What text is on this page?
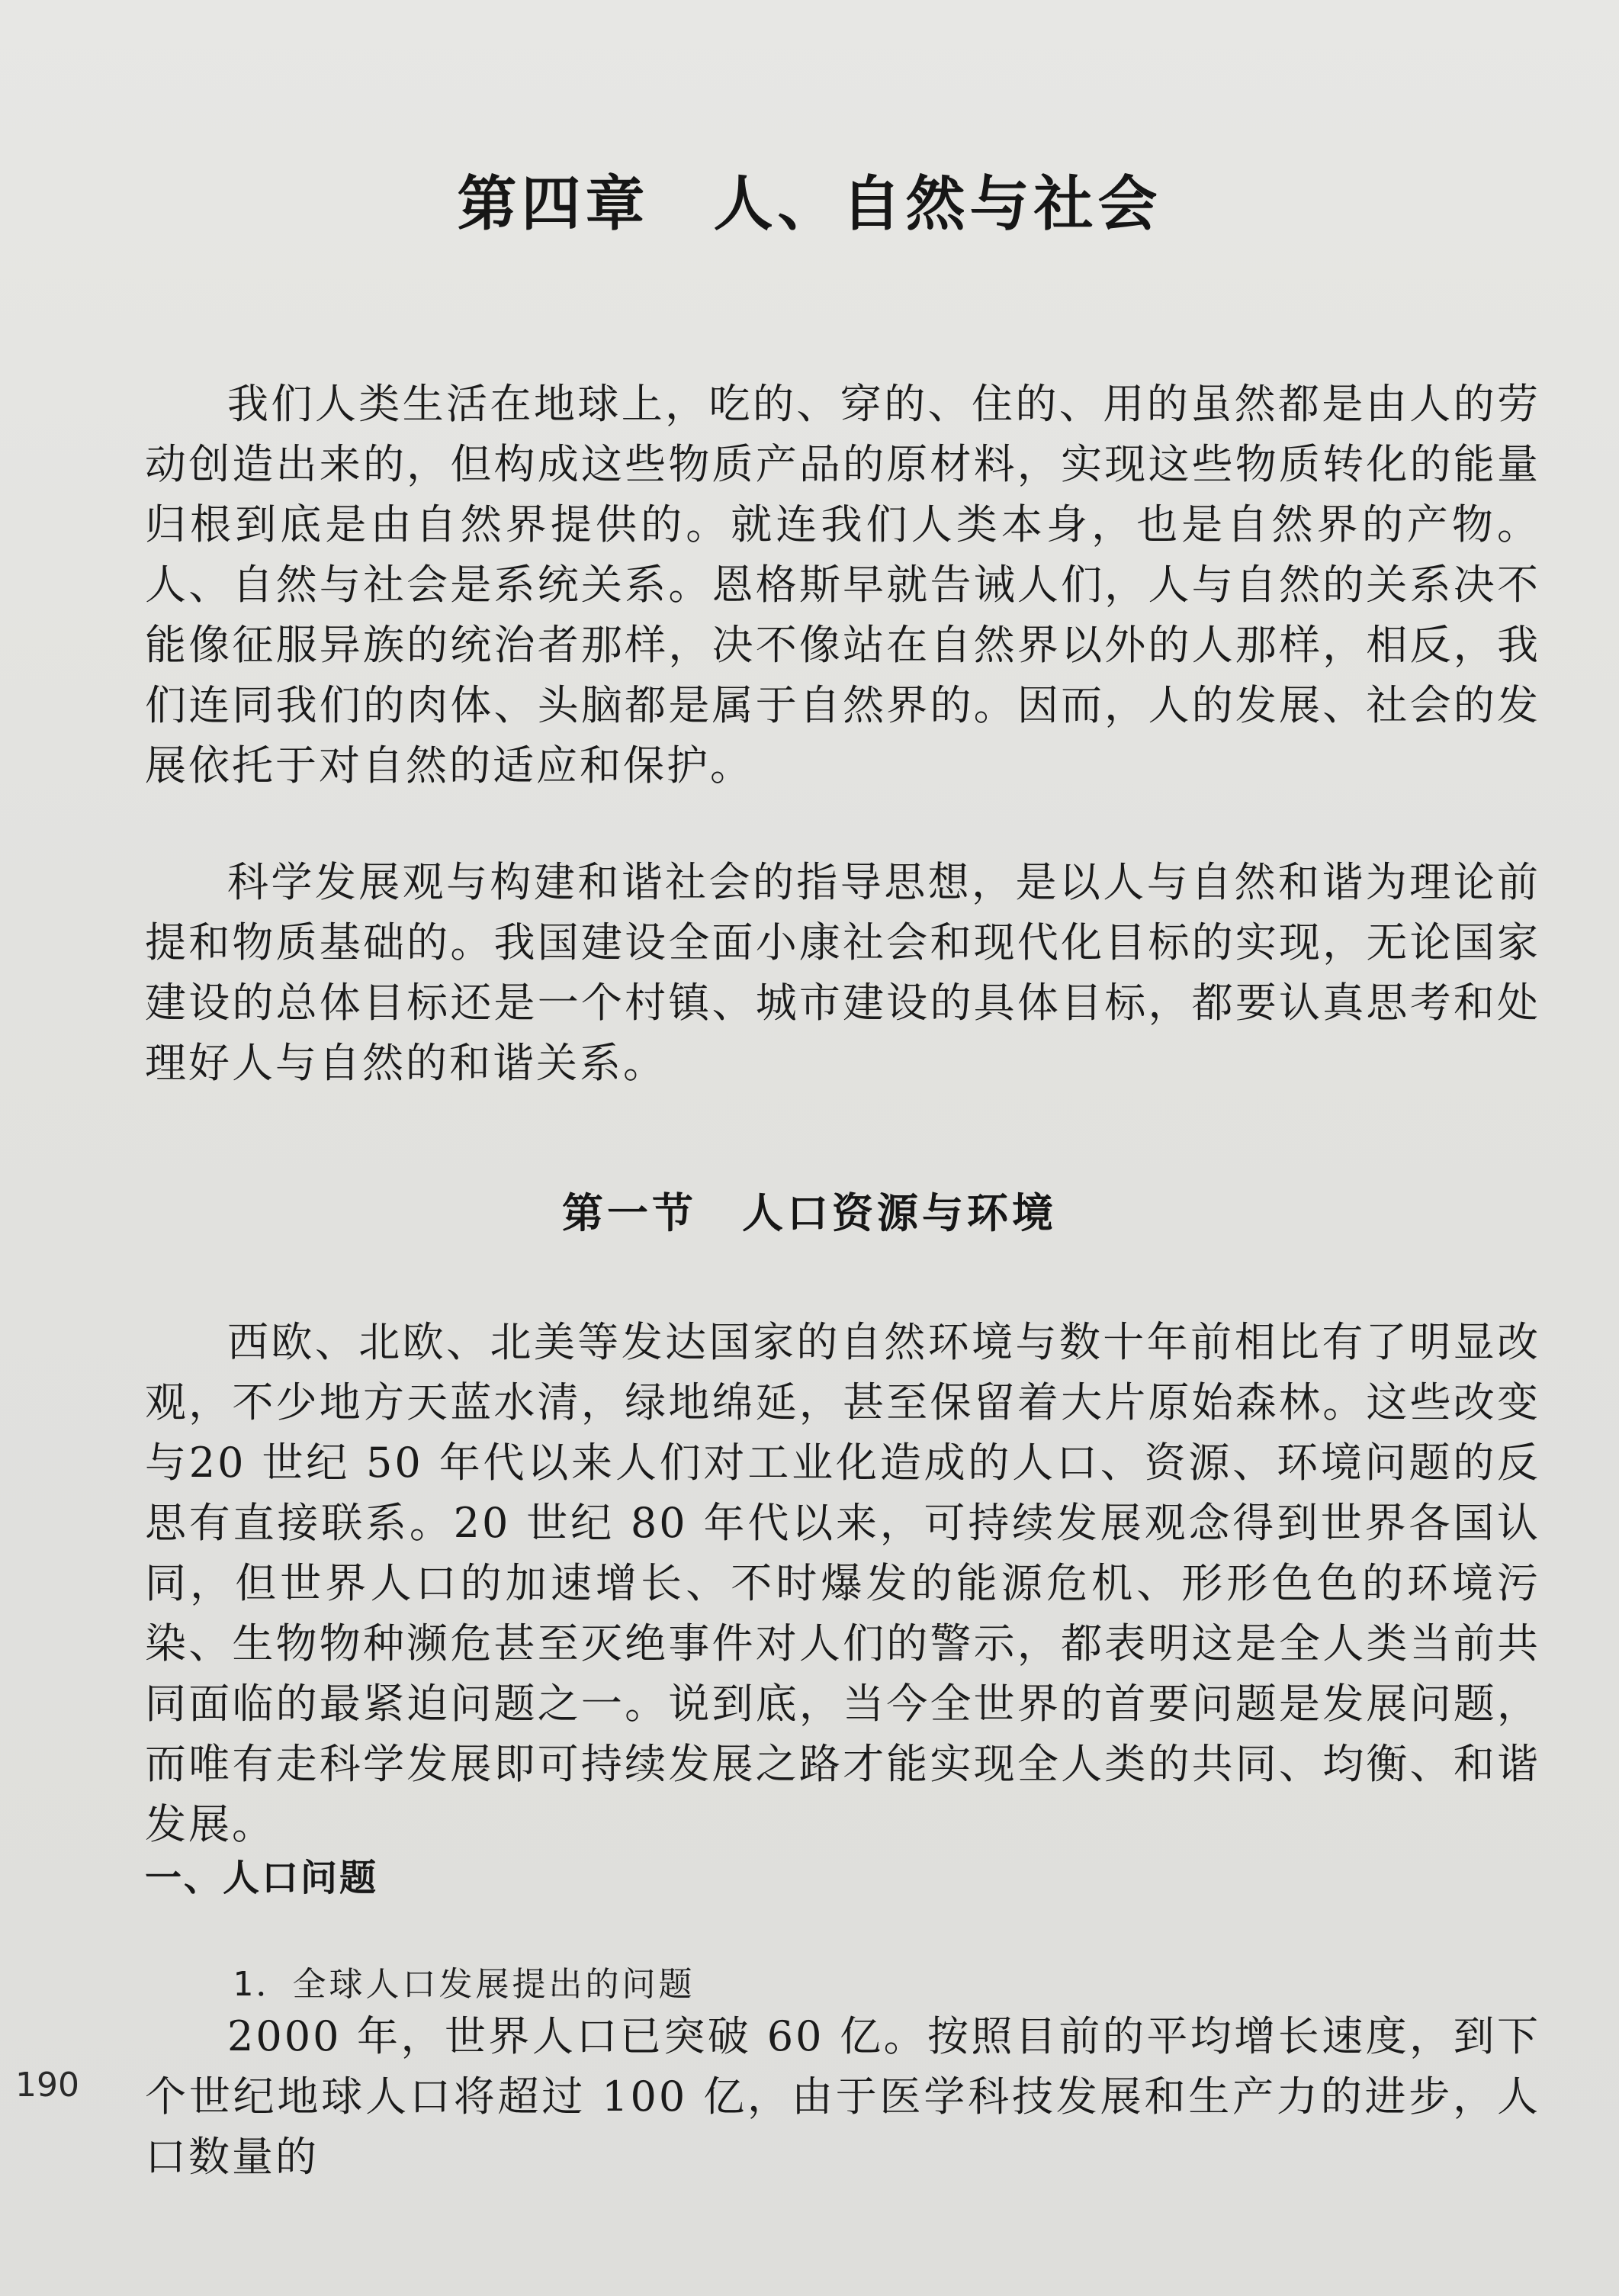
第四章　人、自然与社会

我们人类生活在地球上，吃的、穿的、住的、用的虽然都是由人的劳动创造出来的，但构成这些物质产品的原材料，实现这些物质转化的能量归根到底是由自然界提供的。就连我们人类本身，也是自然界的产物。人、自然与社会是系统关系。恩格斯早就告诫人们，人与自然的关系决不能像征服异族的统治者那样，决不像站在自然界以外的人那样，相反，我们连同我们的肉体、头脑都是属于自然界的。因而，人的发展、社会的发展依托于对自然的适应和保护。

科学发展观与构建和谐社会的指导思想，是以人与自然和谐为理论前提和物质基础的。我国建设全面小康社会和现代化目标的实现，无论国家建设的总体目标还是一个村镇、城市建设的具体目标，都要认真思考和处理好人与自然的和谐关系。

第一节　人口资源与环境

西欧、北欧、北美等发达国家的自然环境与数十年前相比有了明显改观，不少地方天蓝水清，绿地绵延，甚至保留着大片原始森林。这些改变与20 世纪 50 年代以来人们对工业化造成的人口、资源、环境问题的反思有直接联系。20 世纪 80 年代以来，可持续发展观念得到世界各国认同，但世界人口的加速增长、不时爆发的能源危机、形形色色的环境污染、生物物种濒危甚至灭绝事件对人们的警示，都表明这是全人类当前共同面临的最紧迫问题之一。说到底，当今全世界的首要问题是发展问题，而唯有走科学发展即可持续发展之路才能实现全人类的共同、均衡、和谐发展。

一、人口问题
1．全球人口发展提出的问题

2000 年，世界人口已突破 60 亿。按照目前的平均增长速度，到下个世纪地球人口将超过 100 亿，由于医学科技发展和生产力的进步，人口数量的

190
